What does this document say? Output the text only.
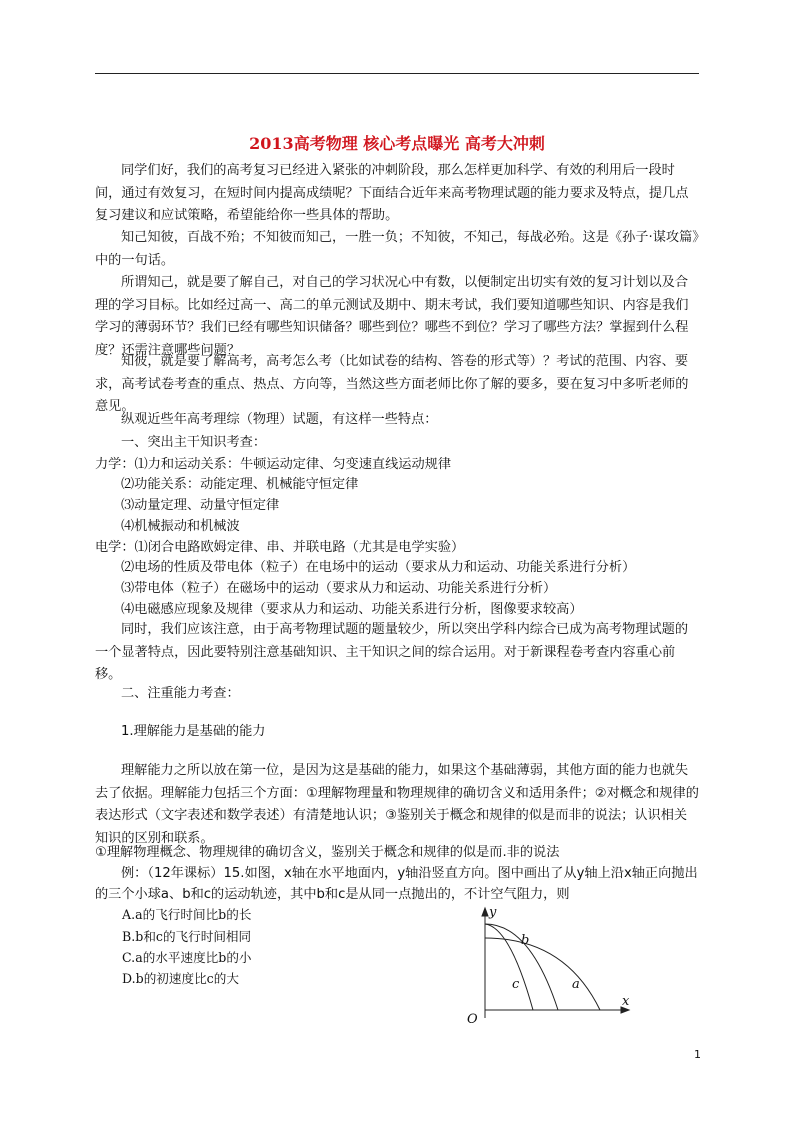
2013高考物理 核心考点曝光 高考大冲刺

同学们好，我们的高考复习已经进入紧张的冲刺阶段，那么怎样更加科学、有效的利用后一段时间，通过有效复习，在短时间内提高成绩呢？下面结合近年来高考物理试题的能力要求及特点，提几点复习建议和应试策略，希望能给你一些具体的帮助。

知己知彼，百战不殆；不知彼而知己，一胜一负；不知彼，不知己，每战必殆。这是《孙子·谋攻篇》中的一句话。

所谓知己，就是要了解自己，对自己的学习状况心中有数，以便制定出切实有效的复习计划以及合理的学习目标。比如经过高一、高二的单元测试及期中、期末考试，我们要知道哪些知识、内容是我们学习的薄弱环节？我们已经有哪些知识储备？哪些到位？哪些不到位？学习了哪些方法？掌握到什么程度？还需注意哪些问题？

知彼，就是要了解高考，高考怎么考（比如试卷的结构、答卷的形式等）？考试的范围、内容、要求，高考试卷考查的重点、热点、方向等，当然这些方面老师比你了解的要多，要在复习中多听老师的意见。

纵观近些年高考理综（物理）试题，有这样一些特点：

一、突出主干知识考查：

力学：⑴力和运动关系：牛顿运动定律、匀变速直线运动规律

⑵功能关系：动能定理、机械能守恒定律

⑶动量定理、动量守恒定律

⑷机械振动和机械波

电学：⑴闭合电路欧姆定律、串、并联电路（尤其是电学实验）

⑵电场的性质及带电体（粒子）在电场中的运动（要求从力和运动、功能关系进行分析）

⑶带电体（粒子）在磁场中的运动（要求从力和运动、功能关系进行分析）

⑷电磁感应现象及规律（要求从力和运动、功能关系进行分析，图像要求较高）

同时，我们应该注意，由于高考物理试题的题量较少，所以突出学科内综合已成为高考物理试题的一个显著特点，因此要特别注意基础知识、主干知识之间的综合运用。对于新课程卷考查内容重心前移。

二、注重能力考查：

1.理解能力是基础的能力

理解能力之所以放在第一位，是因为这是基础的能力，如果这个基础薄弱，其他方面的能力也就失去了依据。理解能力包括三个方面：①理解物理量和物理规律的确切含义和适用条件；②对概念和规律的表达形式（文字表述和数学表述）有清楚地认识；③鉴别关于概念和规律的似是而非的说法；认识相关知识的区别和联系。

①理解物理概念、物理规律的确切含义，鉴别关于概念和规律的似是而.非的说法

例：（12年课标）15.如图，x轴在水平地面内，y轴沿竖直方向。图中画出了从y轴上沿x轴正向抛出的三个小球a、b和c的运动轨迹，其中b和c是从同一点抛出的，不计空气阻力，则

A.a的飞行时间比b的长
B.b和c的飞行时间相同
C.a的水平速度比b的小
D.b的初速度比c的大
y
x
O
b
c	a
1
